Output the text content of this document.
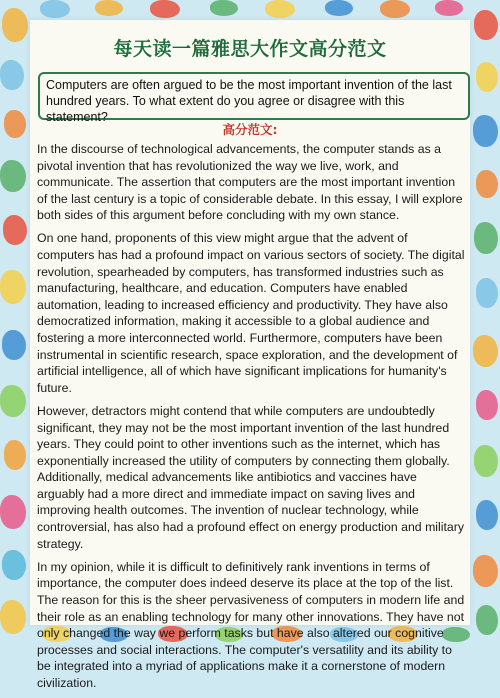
每天读一篇雅思大作文高分范文
Computers are often argued to be the most important invention of the last hundred years. To what extent do you agree or disagree with this statement?
高分范文:

In the discourse of technological advancements, the computer stands as a pivotal invention that has revolutionized the way we live, work, and communicate. The assertion that computers are the most important invention of the last century is a topic of considerable debate. In this essay, I will explore both sides of this argument before concluding with my own stance.

On one hand, proponents of this view might argue that the advent of computers has had a profound impact on various sectors of society. The digital revolution, spearheaded by computers, has transformed industries such as manufacturing, healthcare, and education. Computers have enabled automation, leading to increased efficiency and productivity. They have also democratized information, making it accessible to a global audience and fostering a more interconnected world. Furthermore, computers have been instrumental in scientific research, space exploration, and the development of artificial intelligence, all of which have significant implications for humanity's future.

However, detractors might contend that while computers are undoubtedly significant, they may not be the most important invention of the last hundred years. They could point to other inventions such as the internet, which has exponentially increased the utility of computers by connecting them globally. Additionally, medical advancements like antibiotics and vaccines have arguably had a more direct and immediate impact on saving lives and improving health outcomes. The invention of nuclear technology, while controversial, has also had a profound effect on energy production and military strategy.

In my opinion, while it is difficult to definitively rank inventions in terms of importance, the computer does indeed deserve its place at the top of the list. The reason for this is the sheer pervasiveness of computers in modern life and their role as an enabling technology for many other innovations. They have not only changed the way we perform tasks but have also altered our cognitive processes and social interactions. The computer's versatility and its ability to be integrated into a myriad of applications make it a cornerstone of modern civilization.
